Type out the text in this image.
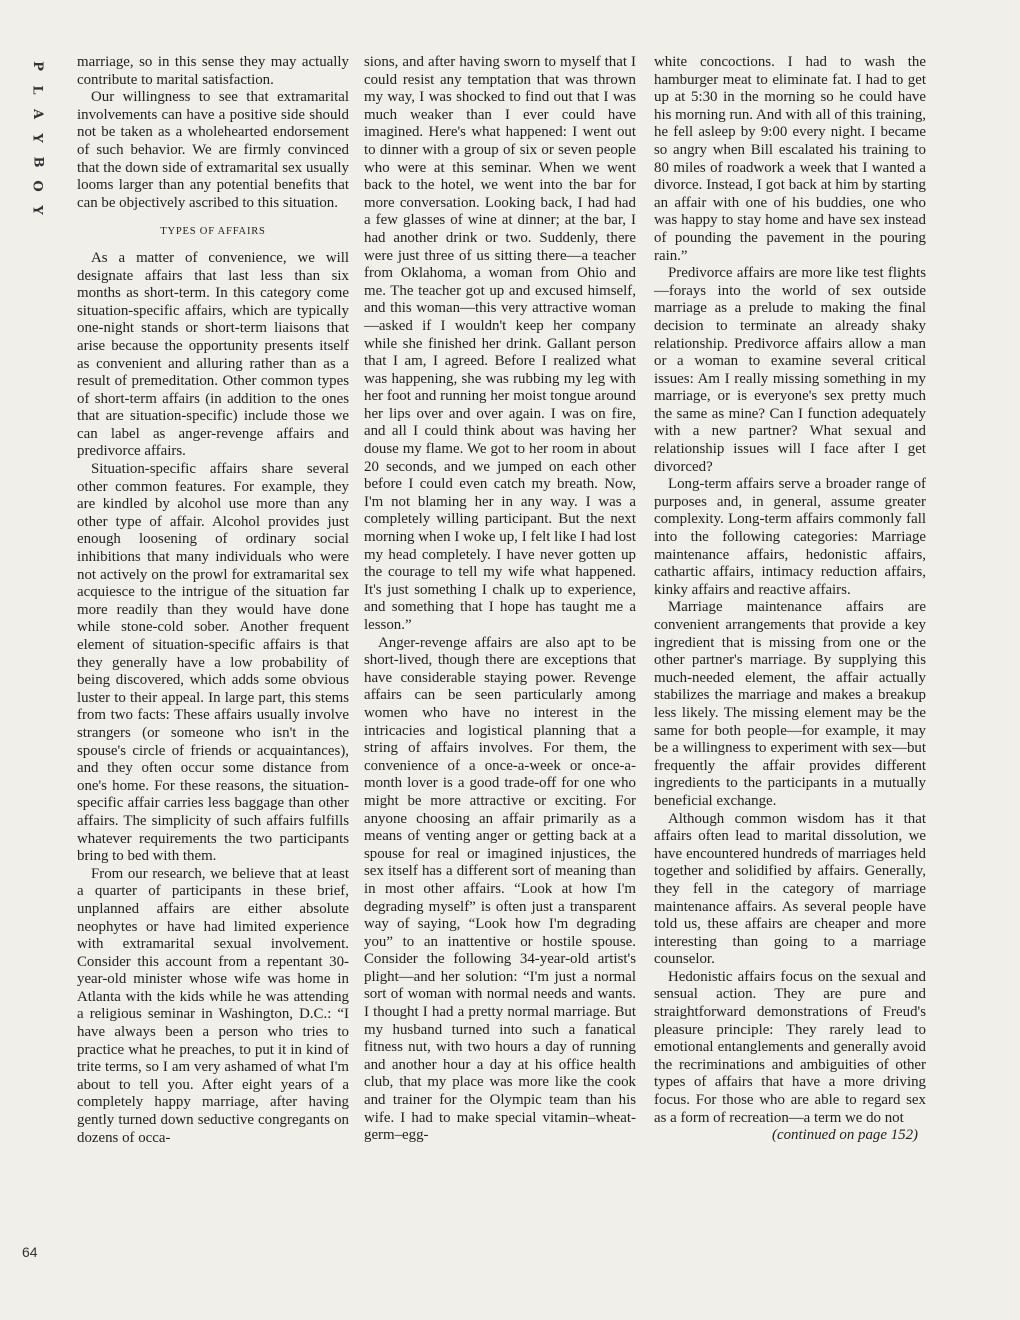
P
L
A
Y
B
O
Y
64

marriage, so in this sense they may actually contribute to marital satisfaction.

Our willingness to see that extramarital involvements can have a positive side should not be taken as a wholehearted endorsement of such behavior. We are firmly convinced that the down side of extramarital sex usually looms larger than any potential benefits that can be objectively ascribed to this situation.

TYPES OF AFFAIRS

As a matter of convenience, we will designate affairs that last less than six months as short-term. In this category come situation-specific affairs, which are typically one-night stands or short-term liaisons that arise because the opportunity presents itself as convenient and alluring rather than as a result of premeditation. Other common types of short-term affairs (in addition to the ones that are situation-specific) include those we can label as anger-revenge affairs and predivorce affairs.

Situation-specific affairs share several other common features. For example, they are kindled by alcohol use more than any other type of affair. Alcohol provides just enough loosening of ordinary social inhibitions that many individuals who were not actively on the prowl for extramarital sex acquiesce to the intrigue of the situation far more readily than they would have done while stone-cold sober. Another frequent element of situation-specific affairs is that they generally have a low probability of being discovered, which adds some obvious luster to their appeal. In large part, this stems from two facts: These affairs usually involve strangers (or someone who isn't in the spouse's circle of friends or acquaintances), and they often occur some distance from one's home. For these reasons, the situation-specific affair carries less baggage than other affairs. The simplicity of such affairs fulfills whatever requirements the two participants bring to bed with them.

From our research, we believe that at least a quarter of participants in these brief, unplanned affairs are either absolute neophytes or have had limited experience with extramarital sexual involvement. Consider this account from a repentant 30-year-old minister whose wife was home in Atlanta with the kids while he was attending a religious seminar in Washington, D.C.: “I have always been a person who tries to practice what he preaches, to put it in kind of trite terms, so I am very ashamed of what I'm about to tell you. After eight years of a completely happy marriage, after having gently turned down seductive congregants on dozens of occa-

sions, and after having sworn to myself that I could resist any temptation that was thrown my way, I was shocked to find out that I was much weaker than I ever could have imagined. Here's what happened: I went out to dinner with a group of six or seven people who were at this seminar. When we went back to the hotel, we went into the bar for more conversation. Looking back, I had had a few glasses of wine at dinner; at the bar, I had another drink or two. Suddenly, there were just three of us sitting there—a teacher from Oklahoma, a woman from Ohio and me. The teacher got up and excused himself, and this woman—this very attractive woman—asked if I wouldn't keep her company while she finished her drink. Gallant person that I am, I agreed. Before I realized what was happening, she was rubbing my leg with her foot and running her moist tongue around her lips over and over again. I was on fire, and all I could think about was having her douse my flame. We got to her room in about 20 seconds, and we jumped on each other before I could even catch my breath. Now, I'm not blaming her in any way. I was a completely willing participant. But the next morning when I woke up, I felt like I had lost my head completely. I have never gotten up the courage to tell my wife what happened. It's just something I chalk up to experience, and something that I hope has taught me a lesson.”

Anger-revenge affairs are also apt to be short-lived, though there are exceptions that have considerable staying power. Revenge affairs can be seen particularly among women who have no interest in the intricacies and logistical planning that a string of affairs involves. For them, the convenience of a once-a-week or once-a-month lover is a good trade-off for one who might be more attractive or exciting. For anyone choosing an affair primarily as a means of venting anger or getting back at a spouse for real or imagined injustices, the sex itself has a different sort of meaning than in most other affairs. “Look at how I'm degrading myself” is often just a transparent way of saying, “Look how I'm degrading you” to an inattentive or hostile spouse. Consider the following 34-year-old artist's plight—and her solution: “I'm just a normal sort of woman with normal needs and wants. I thought I had a pretty normal marriage. But my husband turned into such a fanatical fitness nut, with two hours a day of running and another hour a day at his office health club, that my place was more like the cook and trainer for the Olympic team than his wife. I had to make special vitamin–wheat-germ–egg-

white concoctions. I had to wash the hamburger meat to eliminate fat. I had to get up at 5:30 in the morning so he could have his morning run. And with all of this training, he fell asleep by 9:00 every night. I became so angry when Bill escalated his training to 80 miles of roadwork a week that I wanted a divorce. Instead, I got back at him by starting an affair with one of his buddies, one who was happy to stay home and have sex instead of pounding the pavement in the pouring rain.”

Predivorce affairs are more like test flights—forays into the world of sex outside marriage as a prelude to making the final decision to terminate an already shaky relationship. Predivorce affairs allow a man or a woman to examine several critical issues: Am I really missing something in my marriage, or is everyone's sex pretty much the same as mine? Can I function adequately with a new partner? What sexual and relationship issues will I face after I get divorced?

Long-term affairs serve a broader range of purposes and, in general, assume greater complexity. Long-term affairs commonly fall into the following categories: Marriage maintenance affairs, hedonistic affairs, cathartic affairs, intimacy reduction affairs, kinky affairs and reactive affairs.

Marriage maintenance affairs are convenient arrangements that provide a key ingredient that is missing from one or the other partner's marriage. By supplying this much-needed element, the affair actually stabilizes the marriage and makes a breakup less likely. The missing element may be the same for both people—for example, it may be a willingness to experiment with sex—but frequently the affair provides different ingredients to the participants in a mutually beneficial exchange.

Although common wisdom has it that affairs often lead to marital dissolution, we have encountered hundreds of marriages held together and solidified by affairs. Generally, they fell in the category of marriage maintenance affairs. As several people have told us, these affairs are cheaper and more interesting than going to a marriage counselor.

Hedonistic affairs focus on the sexual and sensual action. They are pure and straightforward demonstrations of Freud's pleasure principle: They rarely lead to emotional entanglements and generally avoid the recriminations and ambiguities of other types of affairs that have a more driving focus. For those who are able to regard sex as a form of recreation—a term we do not

(continued on page 152)
